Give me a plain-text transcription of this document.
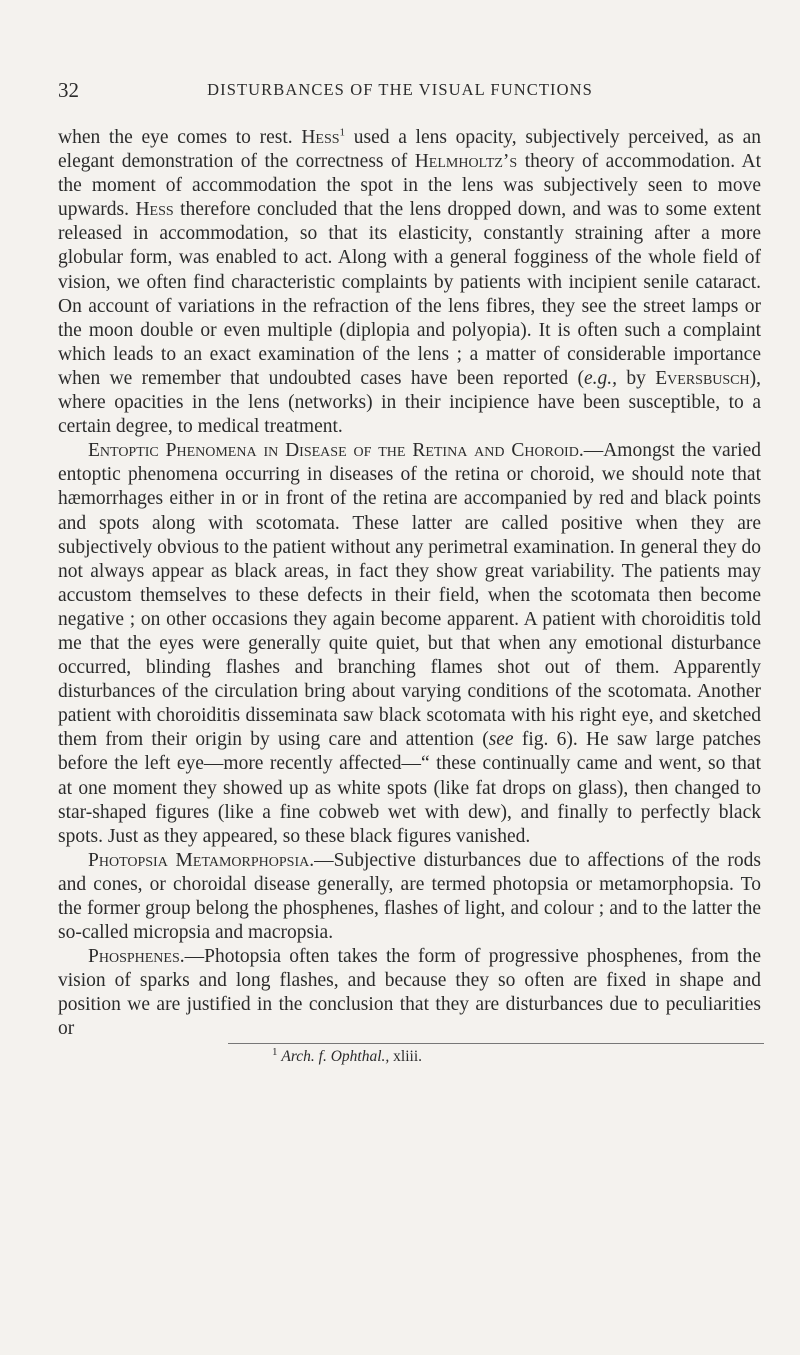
32	DISTURBANCES OF THE VISUAL FUNCTIONS

when the eye comes to rest. Hess$^1$ used a lens opacity, subjectively perceived, as an elegant demonstration of the correctness of Helmholtz’s theory of accommodation. At the moment of accommodation the spot in the lens was subjectively seen to move upwards. Hess therefore concluded that the lens dropped down, and was to some extent released in accommodation, so that its elasticity, constantly straining after a more globular form, was enabled to act. Along with a general fogginess of the whole field of vision, we often find characteristic complaints by patients with incipient senile cataract. On account of variations in the refraction of the lens fibres, they see the street lamps or the moon double or even multiple (diplopia and polyopia). It is often such a complaint which leads to an exact examination of the lens ; a matter of considerable importance when we remember that undoubted cases have been reported (e.g., by Eversbusch), where opacities in the lens (networks) in their incipience have been susceptible, to a certain degree, to medical treatment.

Entoptic Phenomena in Disease of the Retina and Choroid.—Amongst the varied entoptic phenomena occurring in diseases of the retina or choroid, we should note that hæmorrhages either in or in front of the retina are accompanied by red and black points and spots along with scotomata. These latter are called positive when they are subjectively obvious to the patient without any perimetral examination. In general they do not always appear as black areas, in fact they show great variability. The patients may accustom themselves to these defects in their field, when the scotomata then become negative ; on other occasions they again become apparent. A patient with choroiditis told me that the eyes were generally quite quiet, but that when any emotional disturbance occurred, blinding flashes and branching flames shot out of them. Apparently disturbances of the circulation bring about varying conditions of the scotomata. Another patient with choroiditis disseminata saw black scotomata with his right eye, and sketched them from their origin by using care and attention (see fig. 6). He saw large patches before the left eye—more recently affected—“ these continually came and went, so that at one moment they showed up as white spots (like fat drops on glass), then changed to star-shaped figures (like a fine cobweb wet with dew), and finally to perfectly black spots. Just as they appeared, so these black figures vanished.

Photopsia Metamorphopsia.—Subjective disturbances due to affections of the rods and cones, or choroidal disease generally, are termed photopsia or metamorphopsia. To the former group belong the phosphenes, flashes of light, and colour ; and to the latter the so-called micropsia and macropsia.

Phosphenes.—Photopsia often takes the form of progressive phosphenes, from the vision of sparks and long flashes, and because they so often are fixed in shape and position we are justified in the conclusion that they are disturbances due to peculiarities or

$^1$ Arch. f. Ophthal., xliii.
